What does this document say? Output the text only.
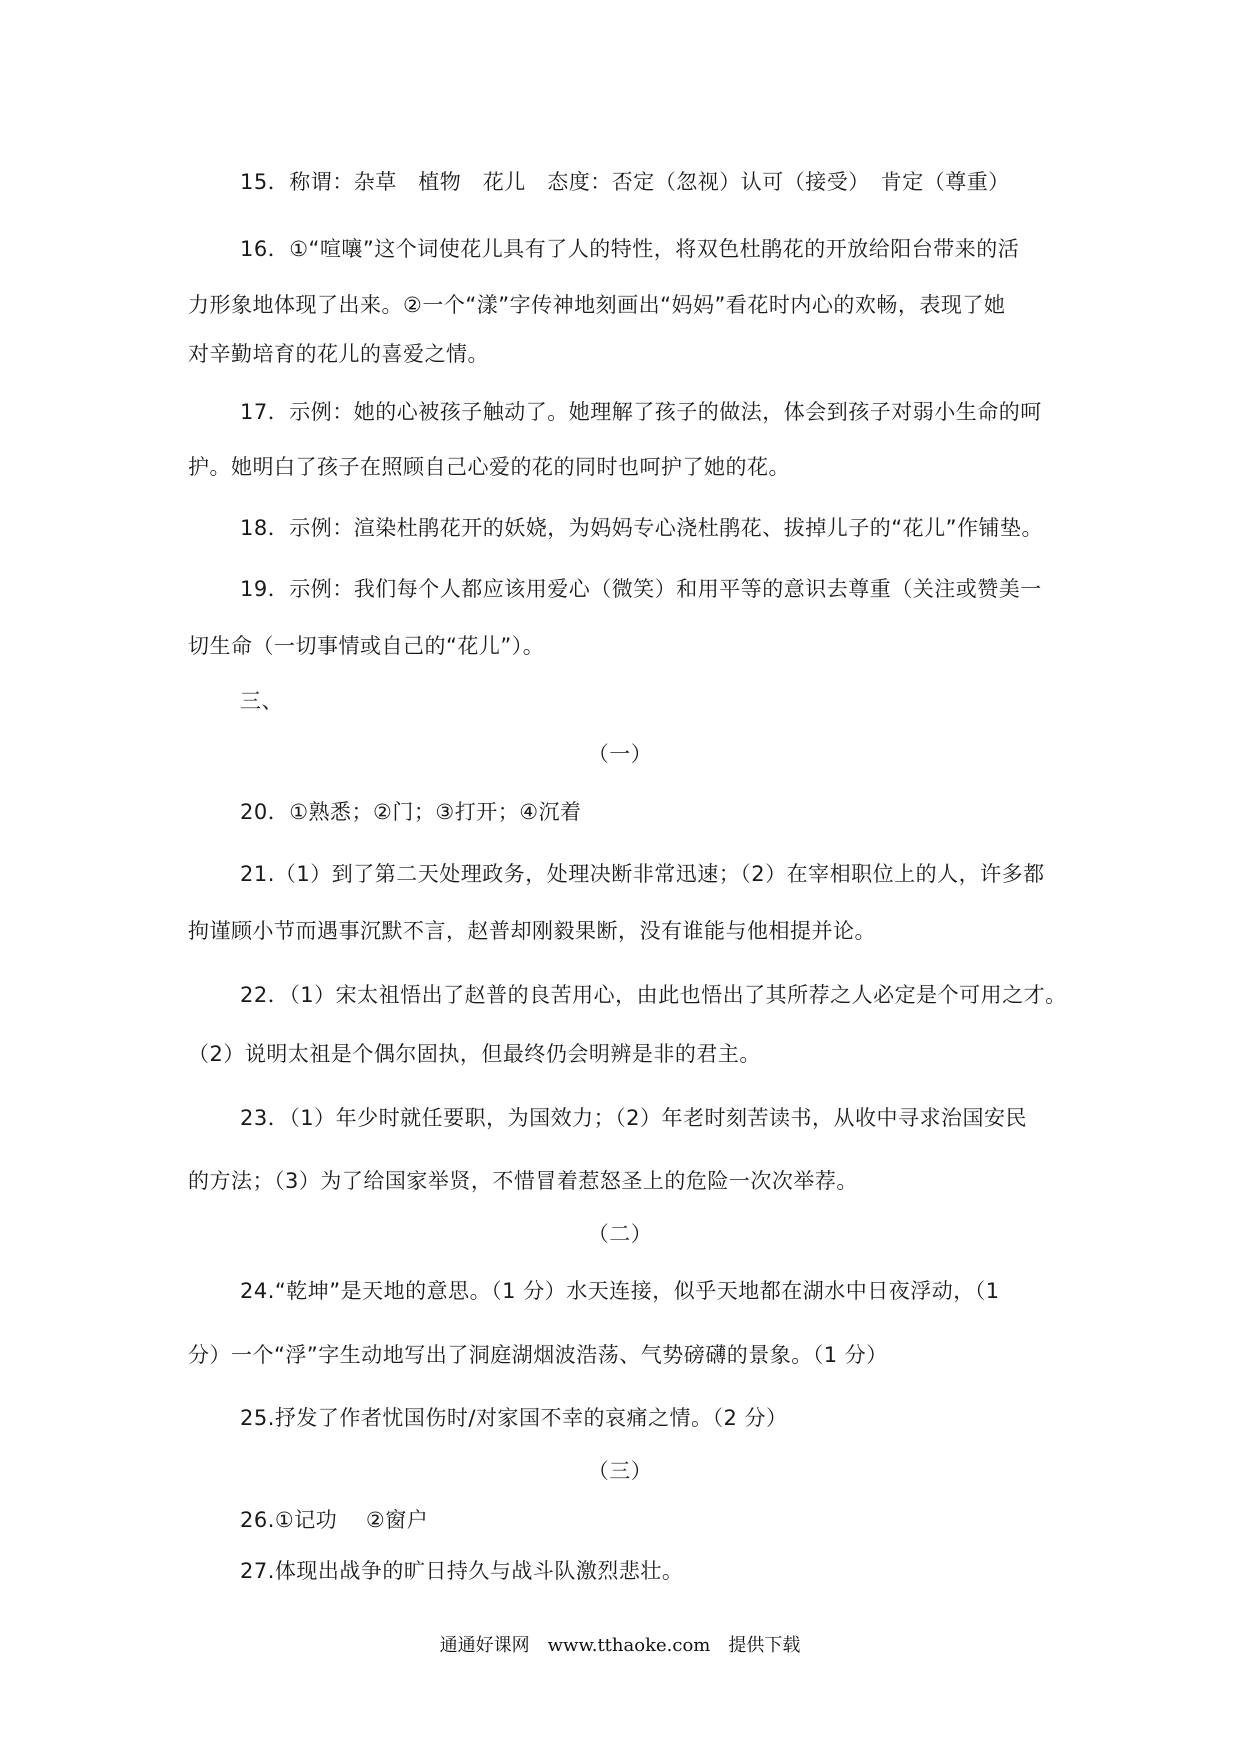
15．称谓：杂草　植物　花儿　态度：否定（忽视）认可（接受）　肯定（尊重）
16．①“喧嚷”这个词使花儿具有了人的特性，将双色杜鹃花的开放给阳台带来的活
力形象地体现了出来。②一个“漾”字传神地刻画出“妈妈”看花时内心的欢畅，表现了她
对辛勤培育的花儿的喜爱之情。
17．示例：她的心被孩子触动了。她理解了孩子的做法，体会到孩子对弱小生命的呵
护。她明白了孩子在照顾自己心爱的花的同时也呵护了她的花。
18．示例：渲染杜鹃花开的妖娆，为妈妈专心浇杜鹃花、拔掉儿子的“花儿”作铺垫。
19．示例：我们每个人都应该用爱心（微笑）和用平等的意识去尊重（关注或赞美一
切生命（一切事情或自己的“花儿”）。
三、
（一）
20．①熟悉；②门；③打开；④沉着
21.（1）到了第二天处理政务，处理决断非常迅速；（2）在宰相职位上的人，许多都
拘谨顾小节而遇事沉默不言，赵普却刚毅果断，没有谁能与他相提并论。
22．（1）宋太祖悟出了赵普的良苦用心，由此也悟出了其所荐之人必定是个可用之才。
（2）说明太祖是个偶尔固执，但最终仍会明辨是非的君主。
23．（1）年少时就任要职，为国效力；（2）年老时刻苦读书，从收中寻求治国安民
的方法；（3）为了给国家举贤，不惜冒着惹怒圣上的危险一次次举荐。
（二）
24.“乾坤”是天地的意思。（1 分）水天连接，似乎天地都在湖水中日夜浮动，（1
分）一个“浮”字生动地写出了洞庭湖烟波浩荡、气势磅礴的景象。（1 分）
25.抒发了作者忧国伤时/对家国不幸的哀痛之情。（2 分）
（三）
26.①记功　 ②窗户
27.体现出战争的旷日持久与战斗队激烈悲壮。
通通好课网　www.tthaoke.com　提供下载
